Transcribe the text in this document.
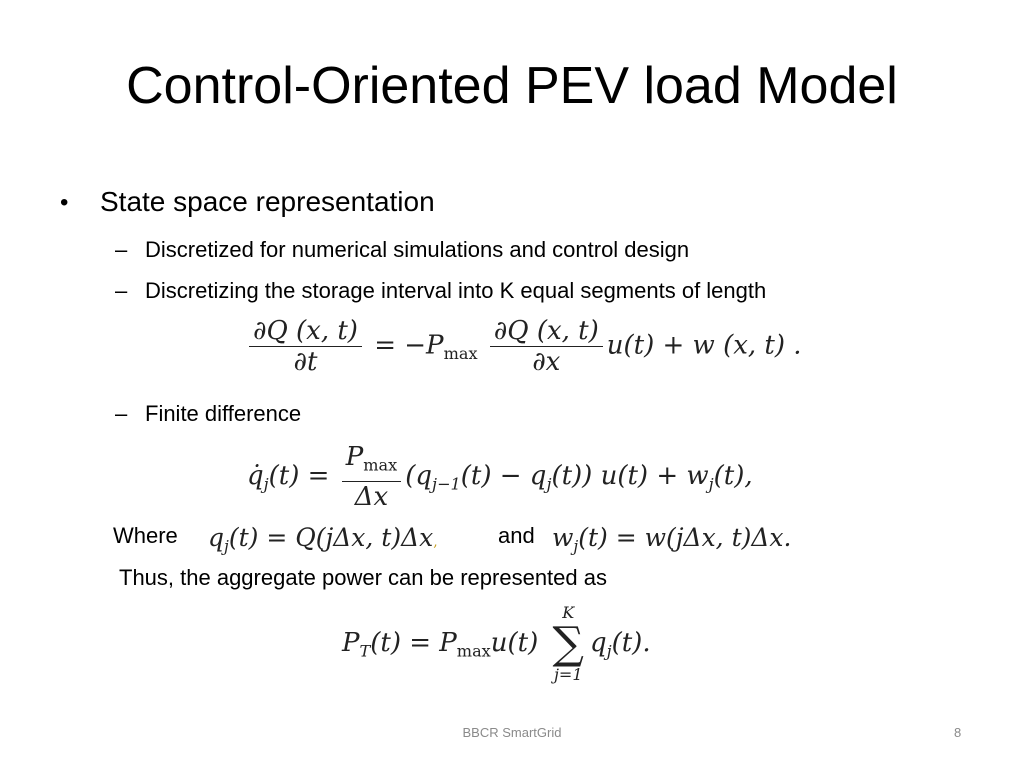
Control-Oriented PEV load Model
• State space representation
– Discretized for numerical simulations and control design
– Discretizing the storage interval into K equal segments of length
$\frac{\partial Q (x, t)}{\partial t} = -P_{max} \frac{\partial Q (x, t)}{\partial x} u(t) + w$ (x, t) .
– Finite difference
$q̇_j(t) = \frac{P_{max}}{\Delta x} (q_{j-1}(t) - q_j(t)) u(t) + w_j(t)$,
Where $q_j(t) = Q(j\Delta x$, t)Δx,	and $w_j(t) = w(j\Delta x$, t)Δx.
Thus, the aggregate power can be represented as
$P_T(t) = P_{max}u(t)$
K
∑
j=1
$q_j(t)$.
BBCR SmartGrid	8
